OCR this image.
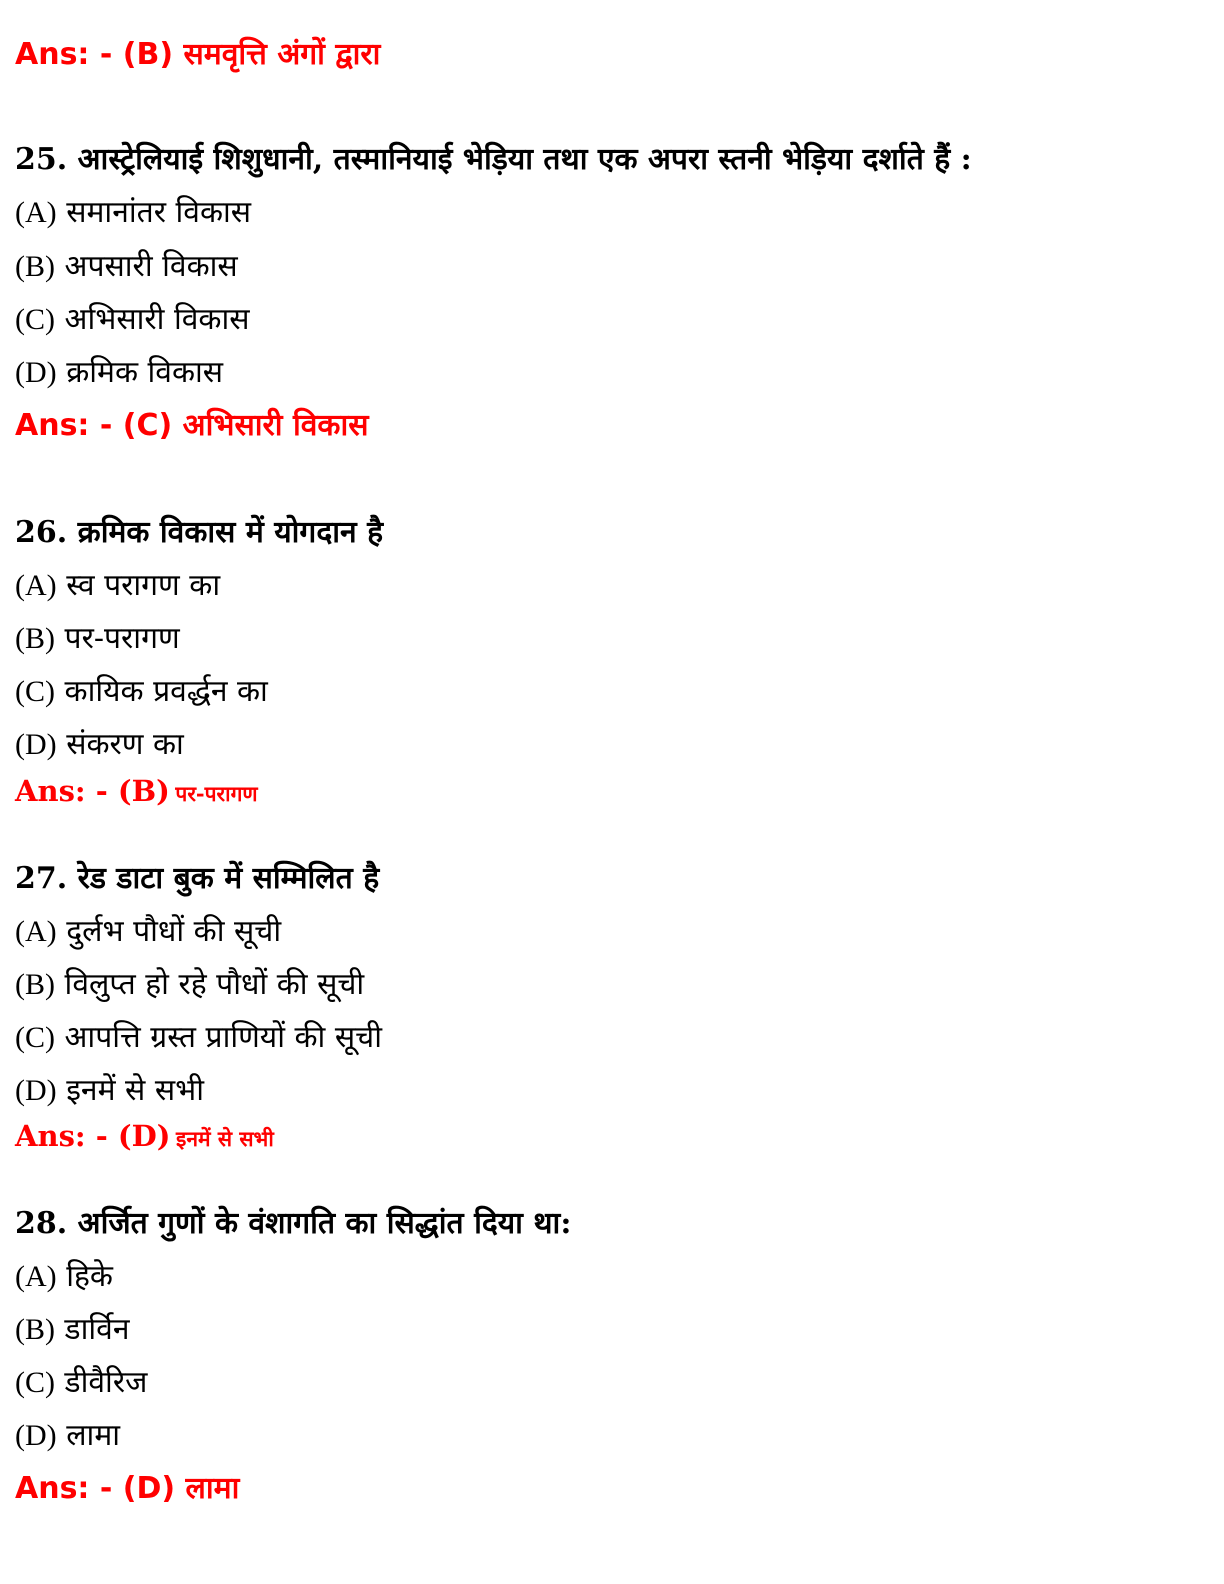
Ans: - (B) समवृत्ति अंगों द्वारा
25. आस्ट्रेलियाई शिशुधानी, तस्मानियाई भेड़िया तथा एक अपरा स्तनी भेड़िया दर्शाते हैं :
(A) समानांतर विकास
(B) अपसारी विकास
(C) अभिसारी विकास
(D) क्रमिक विकास
Ans: - (C) अभिसारी विकास
26. क्रमिक विकास में योगदान है
(A) स्व परागण का
(B) पर-परागण
(C) कायिक प्रवर्द्धन का
(D) संकरण का
Ans: - (B) पर-परागण
27. रेड डाटा बुक में सम्मिलित है
(A) दुर्लभ पौधों की सूची
(B) विलुप्त हो रहे पौधों की सूची
(C) आपत्ति ग्रस्त प्राणियों की सूची
(D) इनमें से सभी
Ans: - (D) इनमें से सभी
28. अर्जित गुणों के वंशागति का सिद्धांत दिया था:
(A) हिके
(B) डार्विन
(C) डीवैरिज
(D) लामा
Ans: - (D) लामा
